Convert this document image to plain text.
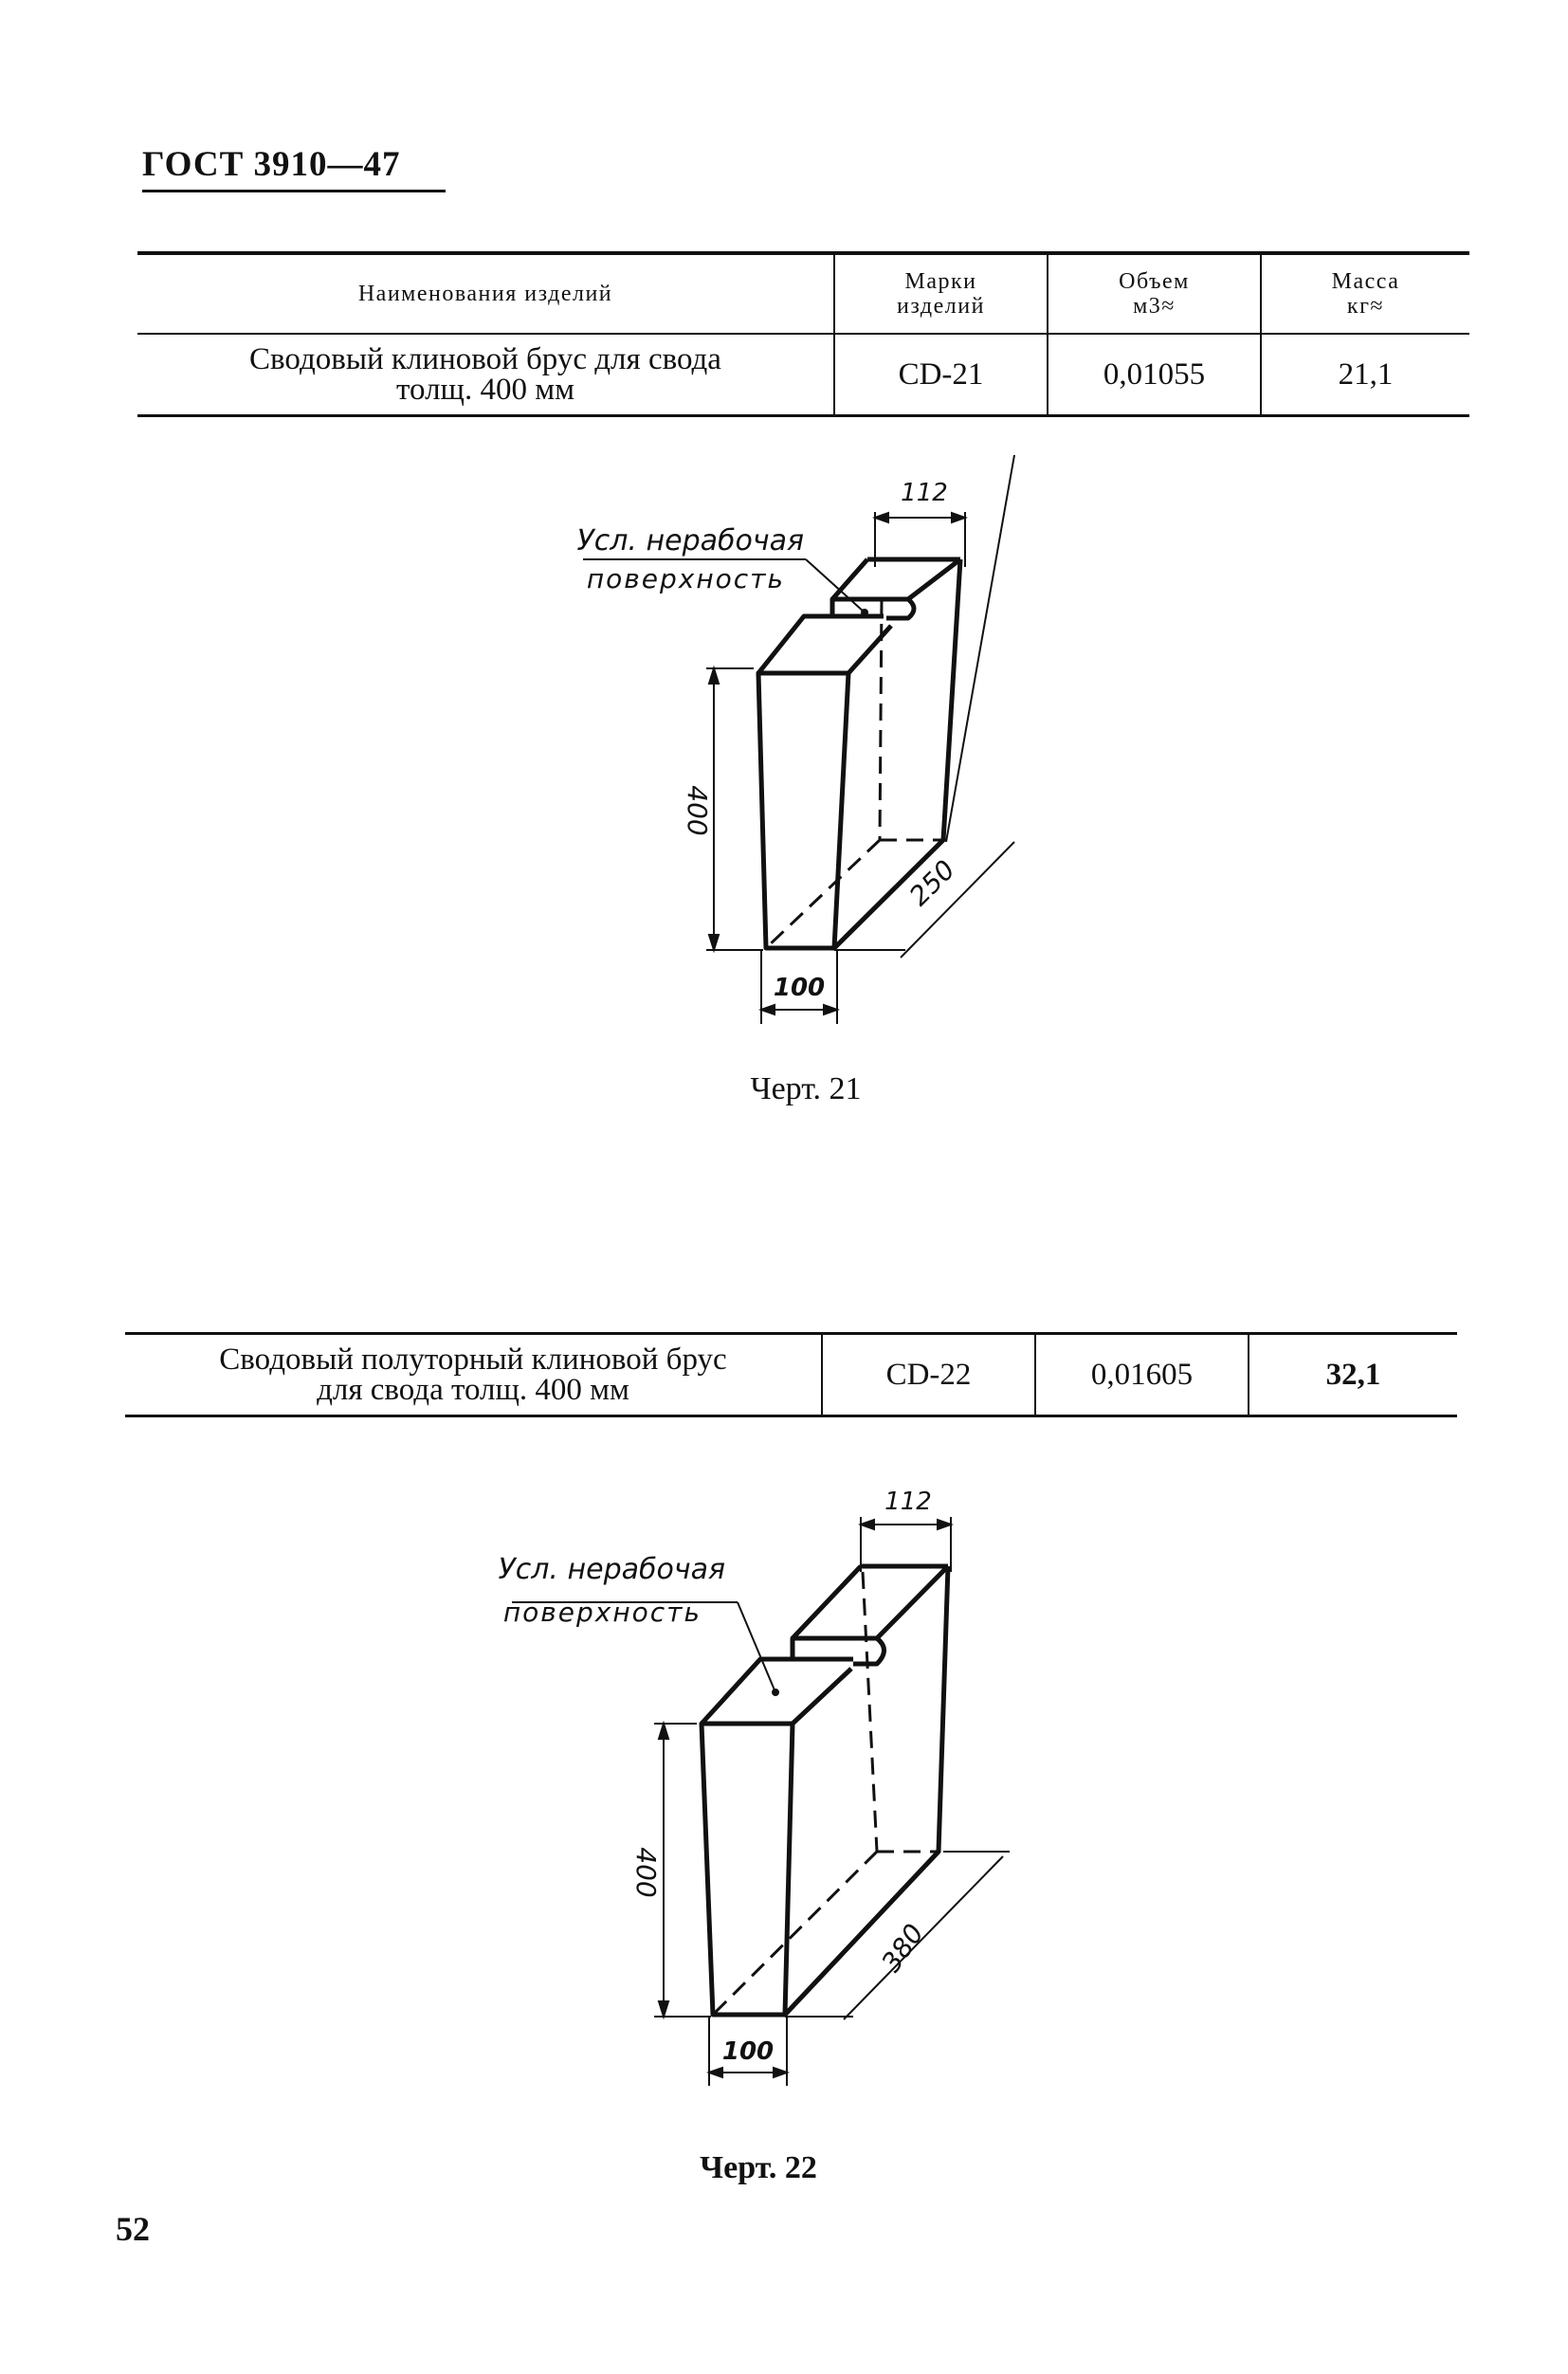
ГОСТ 3910—47
Наименования изделий	Марки изделий	Объем м3≈	Масса кг≈

Сводовый клиновой брус для свода
толщ. 400 мм	CD-21	0,01055	21,1
Усл. нерабочая
поверхность
112
400
250
100
Черт. 21
Сводовый полуторный клиновой брус
для свода толщ. 400 мм	CD-22	0,01605	32,1
Усл. нерабочая
поверхность
112
400
380
100
Черт. 22
52
